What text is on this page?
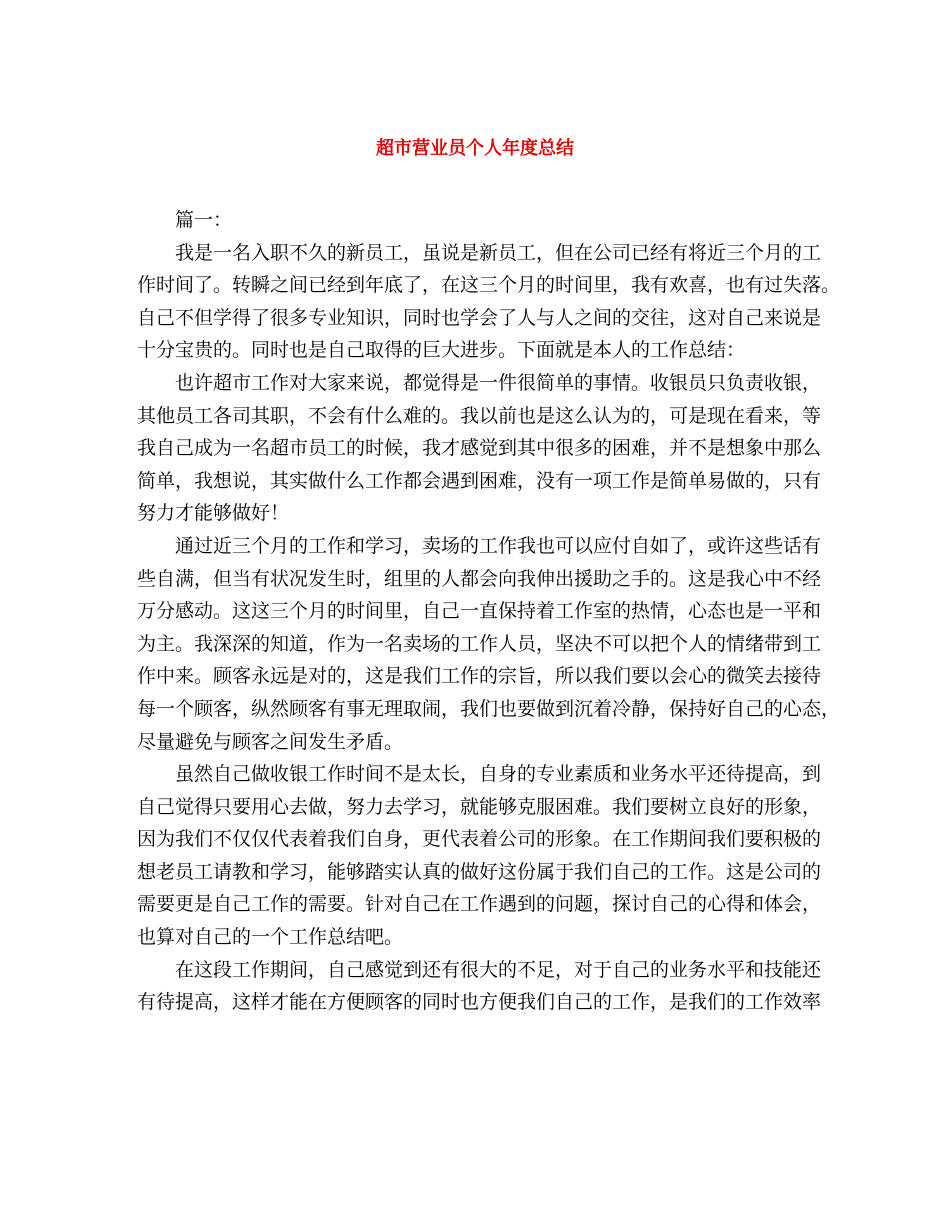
超市营业员个人年度总结

篇一：

我是一名入职不久的新员工，虽说是新员工，但在公司已经有将近三个月的工
作时间了。转瞬之间已经到年底了，在这三个月的时间里，我有欢喜，也有过失落。
自己不但学得了很多专业知识，同时也学会了人与人之间的交往，这对自己来说是
十分宝贵的。同时也是自己取得的巨大进步。下面就是本人的工作总结：

也许超市工作对大家来说，都觉得是一件很简单的事情。收银员只负责收银，
其他员工各司其职，不会有什么难的。我以前也是这么认为的，可是现在看来，等
我自己成为一名超市员工的时候，我才感觉到其中很多的困难，并不是想象中那么
简单，我想说，其实做什么工作都会遇到困难，没有一项工作是简单易做的，只有
努力才能够做好！

通过近三个月的工作和学习，卖场的工作我也可以应付自如了，或许这些话有
些自满，但当有状况发生时，组里的人都会向我伸出援助之手的。这是我心中不经
万分感动。这这三个月的时间里，自己一直保持着工作室的热情，心态也是一平和
为主。我深深的知道，作为一名卖场的工作人员，坚决不可以把个人的情绪带到工
作中来。顾客永远是对的，这是我们工作的宗旨，所以我们要以会心的微笑去接待
每一个顾客，纵然顾客有事无理取闹，我们也要做到沉着冷静，保持好自己的心态，
尽量避免与顾客之间发生矛盾。

虽然自己做收银工作时间不是太长，自身的专业素质和业务水平还待提高，到
自己觉得只要用心去做，努力去学习，就能够克服困难。我们要树立良好的形象，
因为我们不仅仅代表着我们自身，更代表着公司的形象。在工作期间我们要积极的
想老员工请教和学习，能够踏实认真的做好这份属于我们自己的工作。这是公司的
需要更是自己工作的需要。针对自己在工作遇到的问题，探讨自己的心得和体会，
也算对自己的一个工作总结吧。

在这段工作期间，自己感觉到还有很大的不足，对于自己的业务水平和技能还
有待提高，这样才能在方便顾客的同时也方便我们自己的工作，是我们的工作效率
